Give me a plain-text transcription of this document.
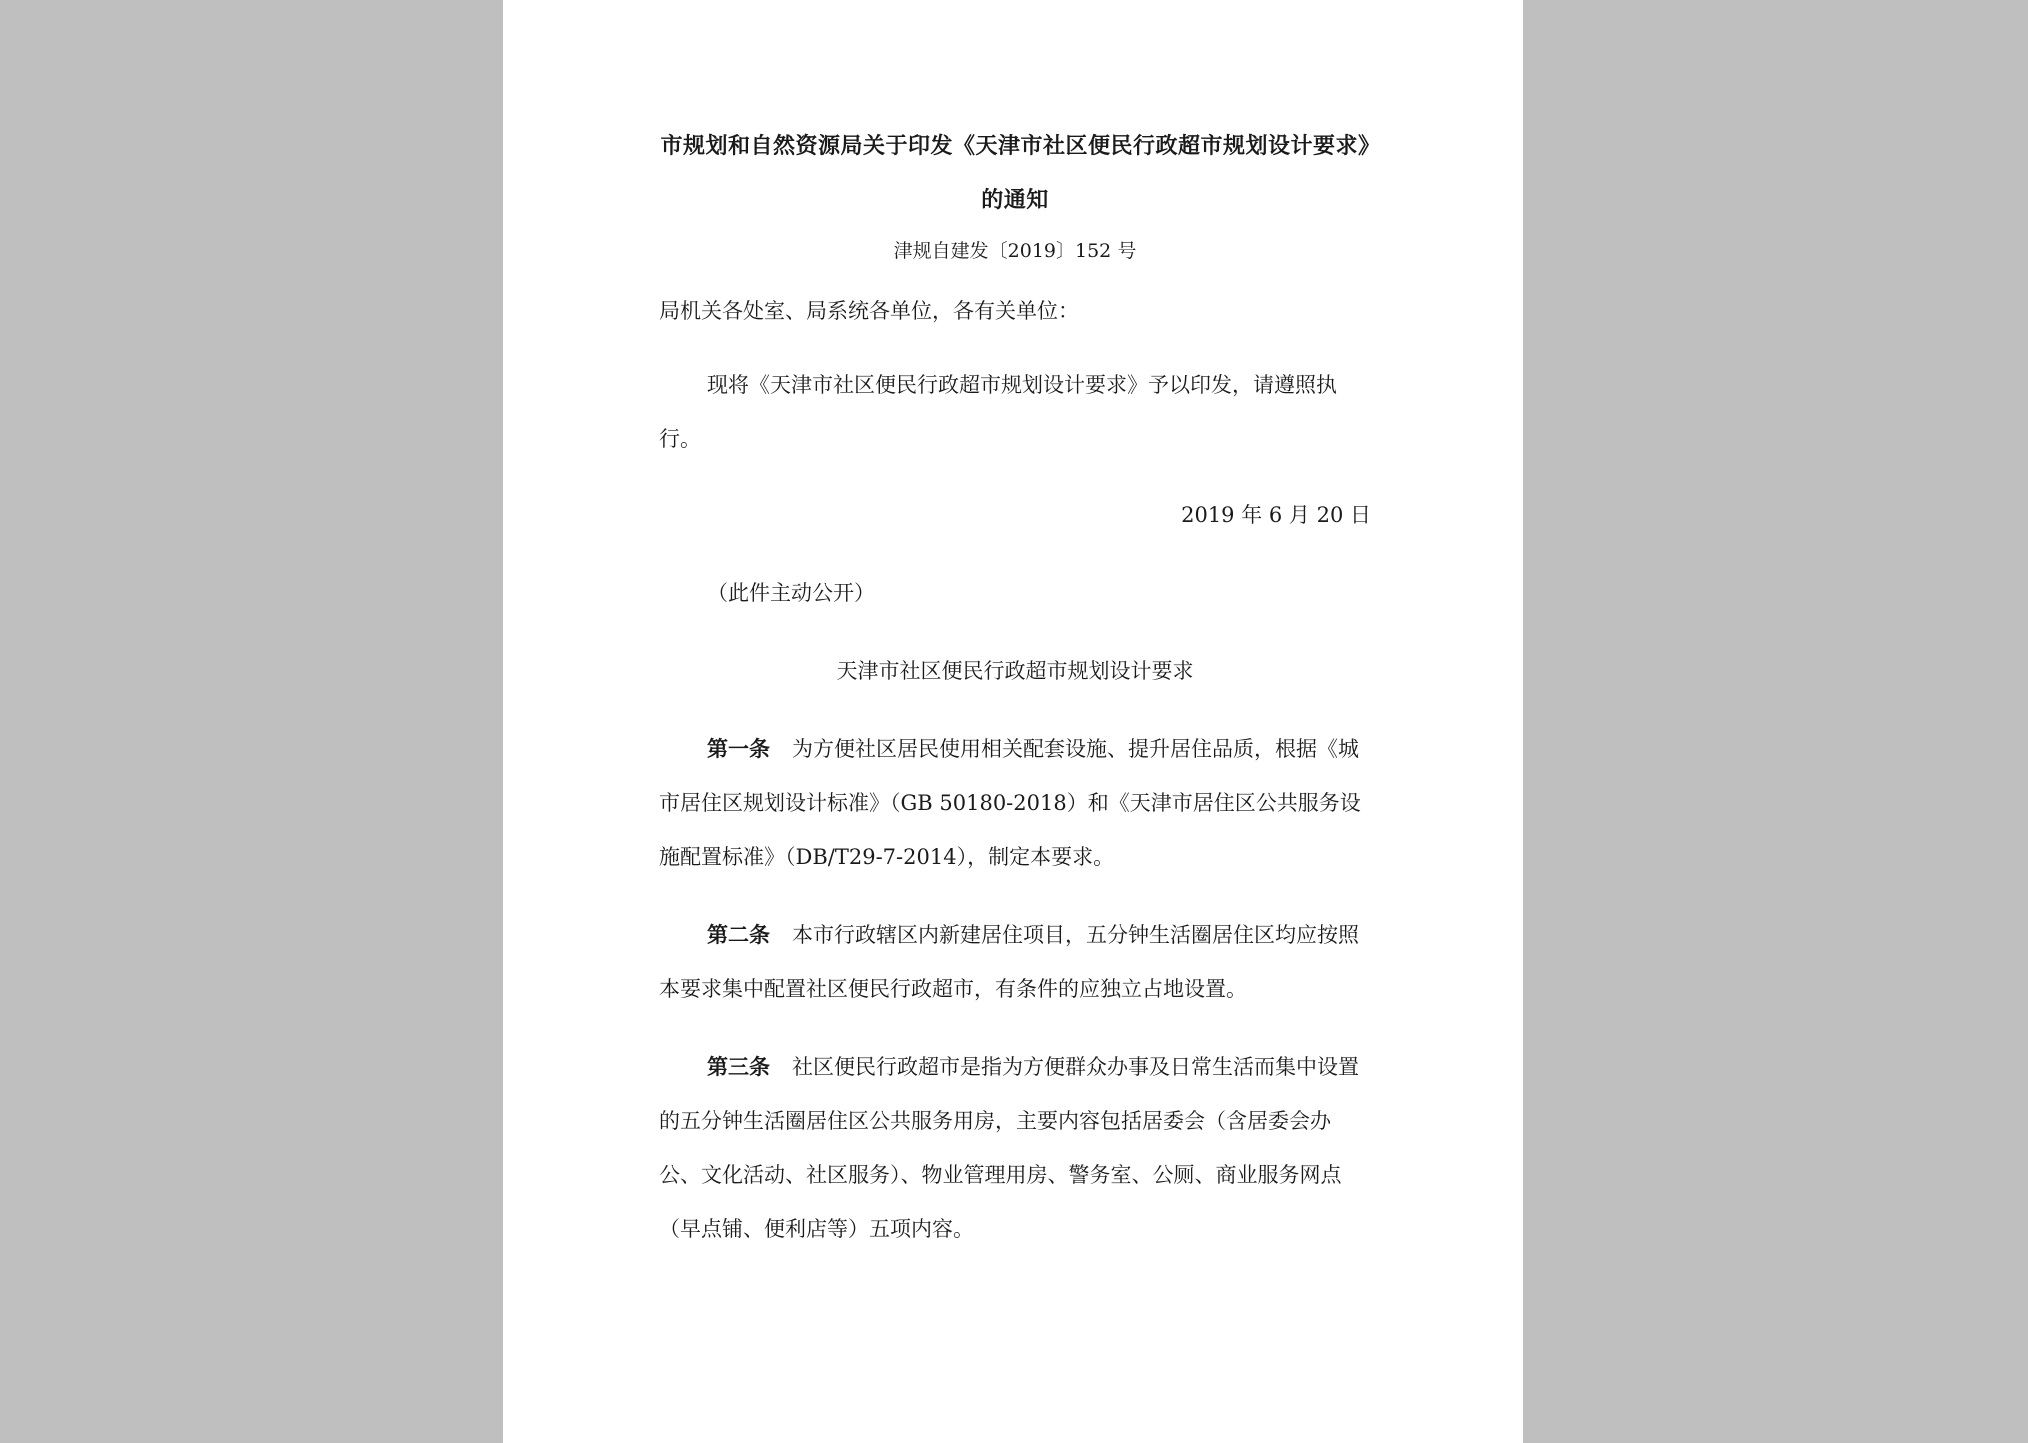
市规划和自然资源局关于印发《天津市社区便民行政超市规划设计要求》的通知
津规自建发〔2019〕152 号

局机关各处室、局系统各单位，各有关单位：

现将《天津市社区便民行政超市规划设计要求》予以印发，请遵照执行。

2019 年 6 月 20 日

（此件主动公开）

天津市社区便民行政超市规划设计要求

第一条 为方便社区居民使用相关配套设施、提升居住品质，根据《城市居住区规划设计标准》（GB 50180-2018）和《天津市居住区公共服务设施配置标准》（DB/T29-7-2014），制定本要求。

第二条 本市行政辖区内新建居住项目，五分钟生活圈居住区均应按照本要求集中配置社区便民行政超市，有条件的应独立占地设置。

第三条 社区便民行政超市是指为方便群众办事及日常生活而集中设置的五分钟生活圈居住区公共服务用房，主要内容包括居委会（含居委会办公、文化活动、社区服务）、物业管理用房、警务室、公厕、商业服务网点（早点铺、便利店等）五项内容。
